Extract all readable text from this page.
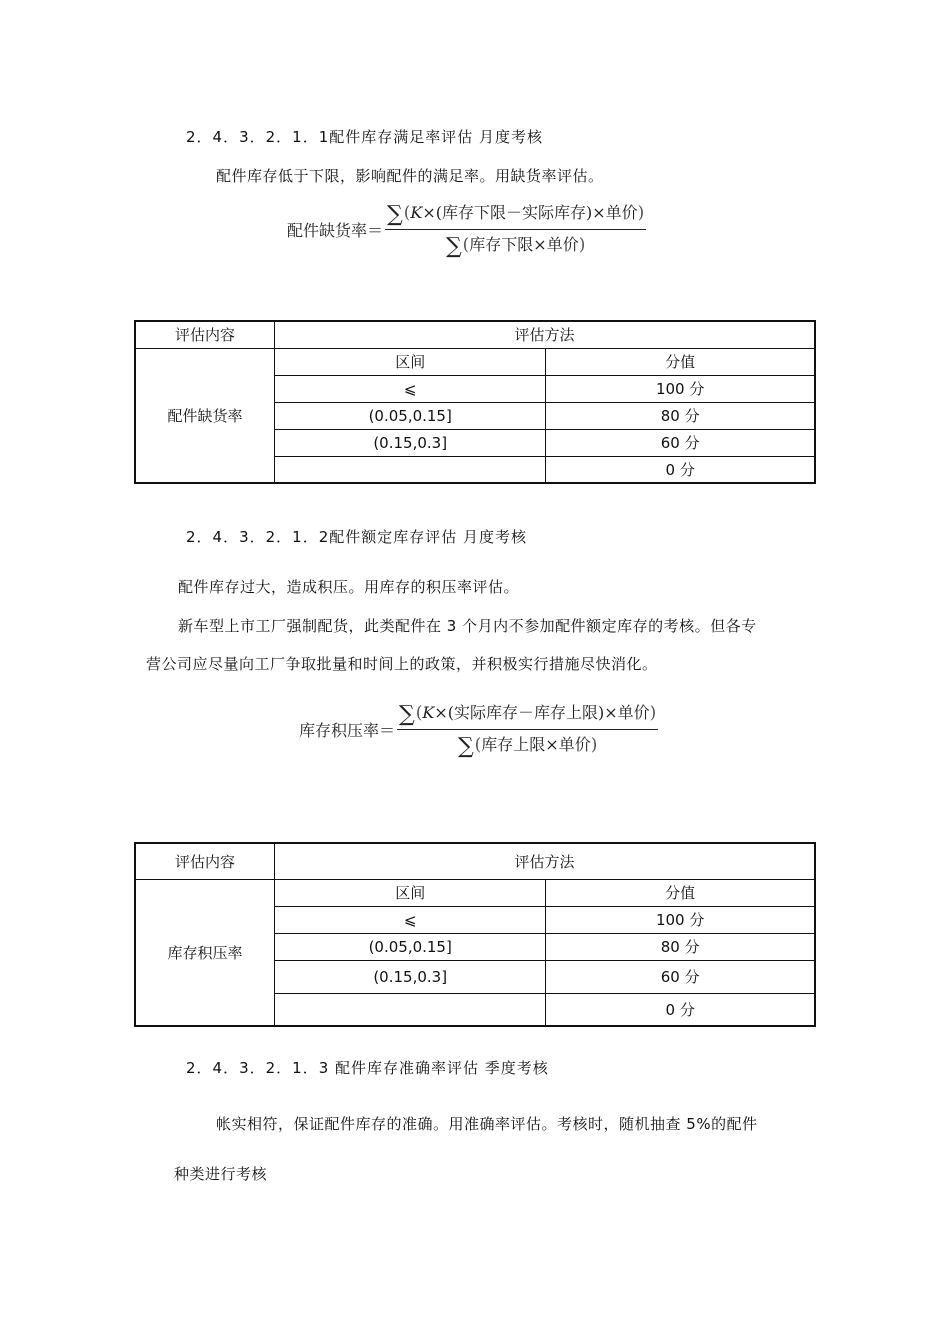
2．4．3．2．1．1配件库存满足率评估 月度考核
配件库存低于下限，影响配件的满足率。用缺货率评估。
配件缺货率＝ $\frac{\text{∑(K×(库存下限－实际库存)×单价)}}{\text{∑(库存下限×单价)}}$
评估内容	评估方法	
配件缺货率	区间	分值
	⩽	100 分
	(0.05,0.15]	80 分
	(0.15,0.3]	60 分
		0 分
2．4．3．2．1．2配件额定库存评估 月度考核
配件库存过大，造成积压。用库存的积压率评估。
新车型上市工厂强制配货，此类配件在 3 个月内不参加配件额定库存的考核。但各专
营公司应尽量向工厂争取批量和时间上的政策，并积极实行措施尽快消化。
库存积压率＝ $\frac{\text{∑(K×(实际库存－库存上限)×单价)}}{\text{∑(库存上限×单价)}}$
评估内容	评估方法	
库存积压率	区间	分值
	⩽	100 分
	(0.05,0.15]	80 分
	(0.15,0.3]	60 分
		0 分
2．4．3．2．1．3 配件库存准确率评估 季度考核
帐实相符，保证配件库存的准确。用准确率评估。考核时，随机抽查 5%的配件
种类进行考核
